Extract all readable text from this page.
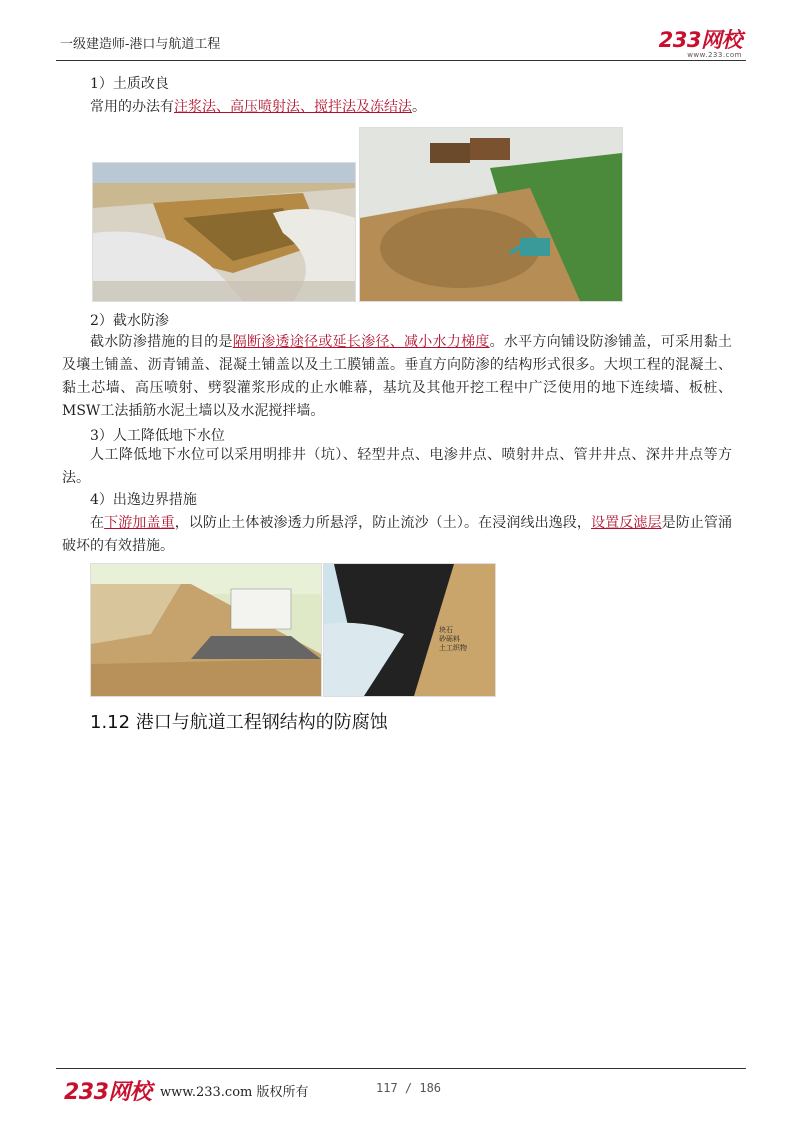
一级建造师-港口与航道工程	233网校
www.233.com
1）土质改良
常用的办法有注浆法、高压喷射法、搅拌法及冻结法。
2）截水防渗
截水防渗措施的目的是隔断渗透途径或延长渗径、减小水力梯度。水平方向铺设防渗铺盖，可采用黏土及壤土铺盖、沥青铺盖、混凝土铺盖以及土工膜铺盖。垂直方向防渗的结构形式很多。大坝工程的混凝土、黏土芯墙、高压喷射、劈裂灌浆形成的止水帷幕，基坑及其他开挖工程中广泛使用的地下连续墙、板桩、MSW工法插筋水泥土墙以及水泥搅拌墙。
3）人工降低地下水位
人工降低地下水位可以采用明排井（坑）、轻型井点、电渗井点、喷射井点、管井井点、深井井点等方法。
4）出逸边界措施
在下游加盖重，以防止土体被渗透力所悬浮，防止流沙（土）。在浸润线出逸段，设置反滤层是防止管涌破坏的有效措施。
块石
砂砾料
土工织物
1.12 港口与航道工程钢结构的防腐蚀
233网校 www.233.com 版权所有	117 / 186
